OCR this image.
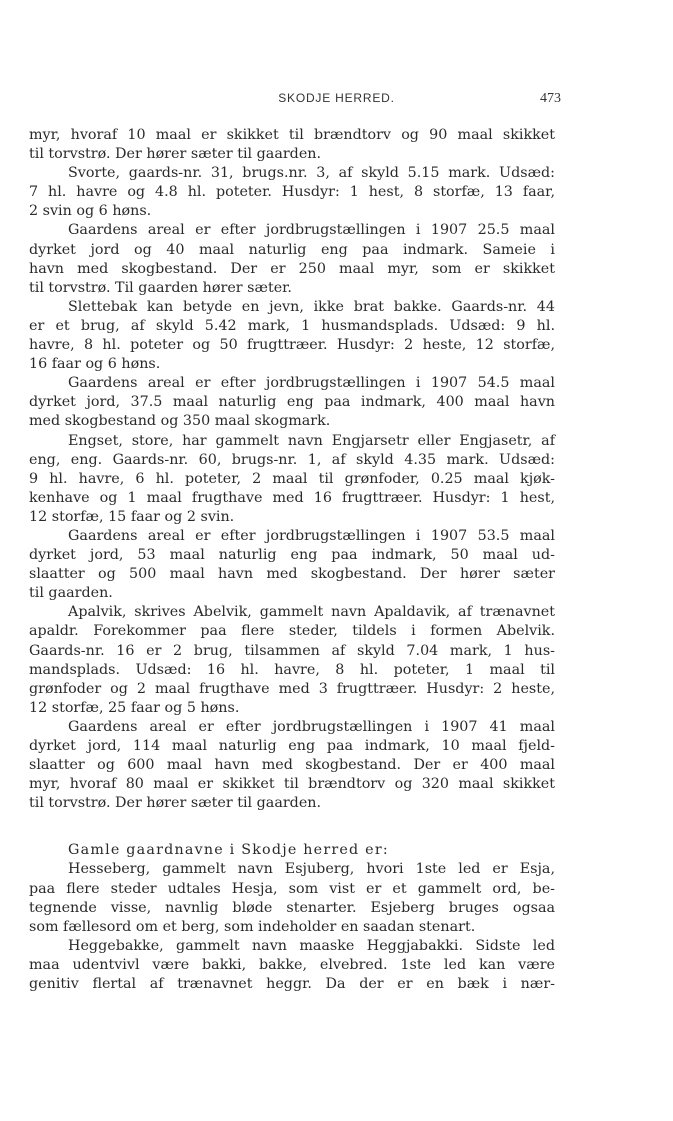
SKODJE HERRED.	473
myr, hvoraf 10 maal er skikket til brændtorv og 90 maal skikket
til torvstrø. Der hører sæter til gaarden.
Svorte, gaards-nr. 31, brugs.nr. 3, af skyld 5.15 mark. Udsæd:
7 hl. havre og 4.8 hl. poteter. Husdyr: 1 hest, 8 storfæ, 13 faar,
2 svin og 6 høns.
Gaardens areal er efter jordbrugstællingen i 1907 25.5 maal
dyrket jord og 40 maal naturlig eng paa indmark. Sameie i
havn med skogbestand. Der er 250 maal myr, som er skikket
til torvstrø. Til gaarden hører sæter.
Slettebak kan betyde en jevn, ikke brat bakke. Gaards-nr. 44
er et brug, af skyld 5.42 mark, 1 husmandsplads. Udsæd: 9 hl.
havre, 8 hl. poteter og 50 frugttræer. Husdyr: 2 heste, 12 storfæ,
16 faar og 6 høns.
Gaardens areal er efter jordbrugstællingen i 1907 54.5 maal
dyrket jord, 37.5 maal naturlig eng paa indmark, 400 maal havn
med skogbestand og 350 maal skogmark.
Engset, store, har gammelt navn Engjarsetr eller Engjasetr, af
eng, eng. Gaards-nr. 60, brugs-nr. 1, af skyld 4.35 mark. Udsæd:
9 hl. havre, 6 hl. poteter, 2 maal til grønfoder, 0.25 maal kjøk-
kenhave og 1 maal frugthave med 16 frugttræer. Husdyr: 1 hest,
12 storfæ, 15 faar og 2 svin.
Gaardens areal er efter jordbrugstællingen i 1907 53.5 maal
dyrket jord, 53 maal naturlig eng paa indmark, 50 maal ud-
slaatter og 500 maal havn med skogbestand. Der hører sæter
til gaarden.
Apalvik, skrives Abelvik, gammelt navn Apaldavik, af trænavnet
apaldr. Forekommer paa flere steder, tildels i formen Abelvik.
Gaards-nr. 16 er 2 brug, tilsammen af skyld 7.04 mark, 1 hus-
mandsplads. Udsæd: 16 hl. havre, 8 hl. poteter, 1 maal til
grønfoder og 2 maal frugthave med 3 frugttræer. Husdyr: 2 heste,
12 storfæ, 25 faar og 5 høns.
Gaardens areal er efter jordbrugstællingen i 1907 41 maal
dyrket jord, 114 maal naturlig eng paa indmark, 10 maal fjeld-
slaatter og 600 maal havn med skogbestand. Der er 400 maal
myr, hvoraf 80 maal er skikket til brændtorv og 320 maal skikket
til torvstrø. Der hører sæter til gaarden.
Gamle gaardnavne i Skodje herred er:
Hesseberg, gammelt navn Esjuberg, hvori 1ste led er Esja,
paa flere steder udtales Hesja, som vist er et gammelt ord, be-
tegnende visse, navnlig bløde stenarter. Esjeberg bruges ogsaa
som fællesord om et berg, som indeholder en saadan stenart.
Heggebakke, gammelt navn maaske Heggjabakki. Sidste led
maa udentvivl være bakki, bakke, elvebred. 1ste led kan være
genitiv flertal af trænavnet heggr. Da der er en bæk i nær-
